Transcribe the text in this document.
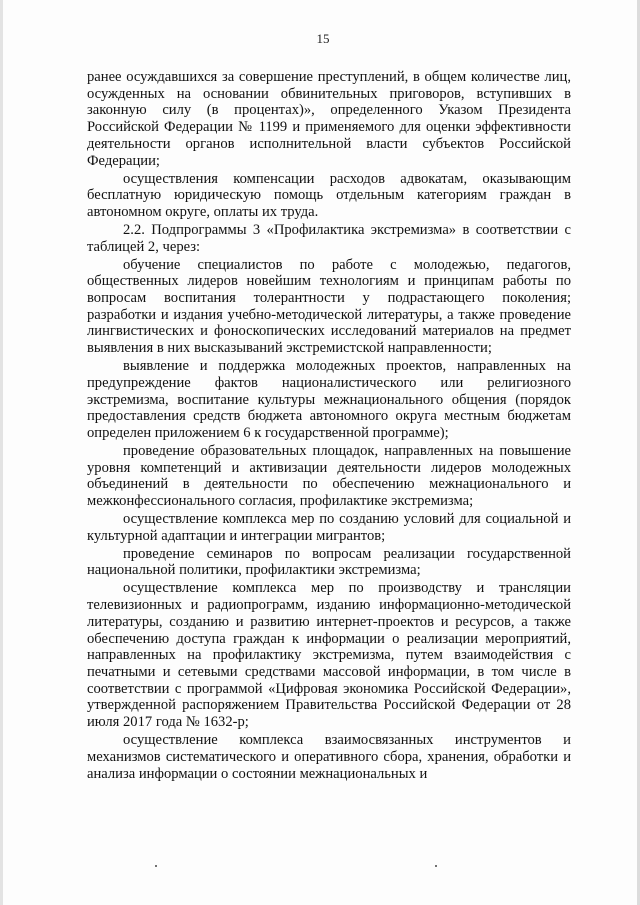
15

ранее осуждавшихся за совершение преступлений, в общем количестве лиц, осужденных на основании обвинительных приговоров, вступивших в законную силу (в процентах)», определенного Указом Президента Российской Федерации № 1199 и применяемого для оценки эффективности деятельности органов исполнительной власти субъектов Российской Федерации;

осуществления компенсации расходов адвокатам, оказывающим бесплатную юридическую помощь отдельным категориям граждан в автономном округе, оплаты их труда.

2.2. Подпрограммы 3 «Профилактика экстремизма» в соответствии с таблицей 2, через:

обучение специалистов по работе с молодежью, педагогов, общественных лидеров новейшим технологиям и принципам работы по вопросам воспитания толерантности у подрастающего поколения; разработки и издания учебно-методической литературы, а также проведение лингвистических и фоноскопических исследований материалов на предмет выявления в них высказываний экстремистской направленности;

выявление и поддержка молодежных проектов, направленных на предупреждение фактов националистического или религиозного экстремизма, воспитание культуры межнационального общения (порядок предоставления средств бюджета автономного округа местным бюджетам определен приложением 6 к государственной программе);

проведение образовательных площадок, направленных на повышение уровня компетенций и активизации деятельности лидеров молодежных объединений в деятельности по обеспечению межнационального и межконфессионального согласия, профилактике экстремизма;

осуществление комплекса мер по созданию условий для социальной и культурной адаптации и интеграции мигрантов;

проведение семинаров по вопросам реализации государственной национальной политики, профилактики экстремизма;

осуществление комплекса мер по производству и трансляции телевизионных и радиопрограмм, изданию информационно-методической литературы, созданию и развитию интернет-проектов и ресурсов, а также обеспечению доступа граждан к информации о реализации мероприятий, направленных на профилактику экстремизма, путем взаимодействия с печатными и сетевыми средствами массовой информации, в том числе в соответствии с программой «Цифровая экономика Российской Федерации», утвержденной распоряжением Правительства Российской Федерации от 28 июля 2017 года № 1632-р;

осуществление комплекса взаимосвязанных инструментов и механизмов систематического и оперативного сбора, хранения, обработки и анализа информации о состоянии межнациональных и
